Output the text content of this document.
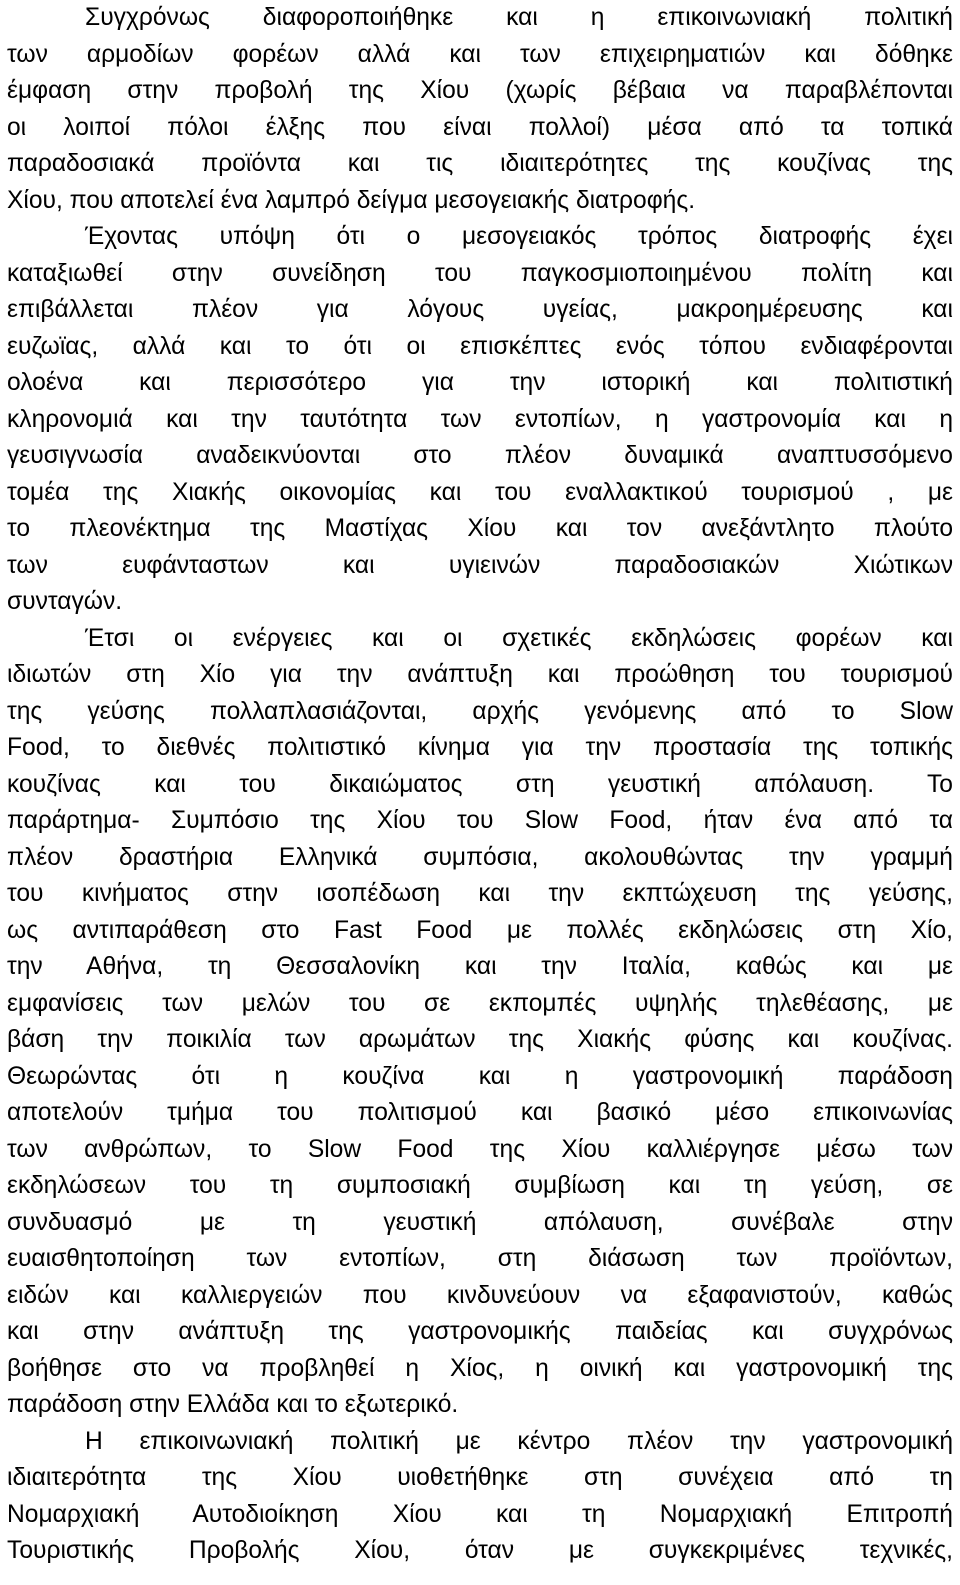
Συγχρόνως διαφοροποιήθηκε και η επικοινωνιακή πολιτική
των αρμοδίων φορέων αλλά και των επιχειρηματιών και δόθηκε
έμφαση στην προβολή της Χίου (χωρίς βέβαια να παραβλέπονται
οι λοιποί πόλοι έλξης που είναι πολλοί) μέσα από τα τοπικά
παραδοσιακά προϊόντα και τις ιδιαιτερότητες της κουζίνας της
Χίου, που αποτελεί ένα λαμπρό δείγμα μεσογειακής διατροφής.
Έχοντας υπόψη ότι ο μεσογειακός τρόπος διατροφής έχει
καταξιωθεί στην συνείδηση του παγκοσμιοποιημένου πολίτη και
επιβάλλεται πλέον για λόγους υγείας, μακροημέρευσης και
ευζωϊας, αλλά και το ότι οι επισκέπτες ενός τόπου ενδιαφέρονται
ολοένα και περισσότερο για την ιστορική και πολιτιστική
κληρονομιά και την ταυτότητα των εντοπίων, η γαστρονομία και η
γευσιγνωσία αναδεικνύονται στο πλέον δυναμικά αναπτυσσόμενο
τομέα της Χιακής οικονομίας και του εναλλακτικού τουρισμού , με
το πλεονέκτημα της Μαστίχας Χίου και τον ανεξάντλητο πλούτο
των ευφάνταστων και υγιεινών παραδοσιακών Χιώτικων
συνταγών.
Έτσι οι ενέργειες και οι σχετικές εκδηλώσεις φορέων και
ιδιωτών στη Χίο για την ανάπτυξη και προώθηση του τουρισμού
της γεύσης πολλαπλασιάζονται, αρχής γενόμενης από το Slow
Food, το διεθνές πολιτιστικό κίνημα για την προστασία της τοπικής
κουζίνας και του δικαιώματος στη γευστική απόλαυση. Το
παράρτημα- Συμπόσιο της Χίου του Slow Food, ήταν ένα από τα
πλέον δραστήρια Ελληνικά συμπόσια, ακολουθώντας την γραμμή
του κινήματος στην ισοπέδωση και την εκπτώχευση της γεύσης,
ως αντιπαράθεση στο Fast Food με πολλές εκδηλώσεις στη Χίο,
την Αθήνα, τη Θεσσαλονίκη και την Ιταλία, καθώς και με
εμφανίσεις των μελών του σε εκπομπές υψηλής τηλεθέασης, με
βάση την ποικιλία των αρωμάτων της Χιακής φύσης και κουζίνας.
Θεωρώντας ότι η κουζίνα και η γαστρονομική παράδοση
αποτελούν τμήμα του πολιτισμού και βασικό μέσο επικοινωνίας
των ανθρώπων, το Slow Food της Χίου καλλιέργησε μέσω των
εκδηλώσεων του τη συμποσιακή συμβίωση και τη γεύση, σε
συνδυασμό με τη γευστική απόλαυση, συνέβαλε στην
ευαισθητοποίηση των εντοπίων, στη διάσωση των προϊόντων,
ειδών και καλλιεργειών που κινδυνεύουν να εξαφανιστούν, καθώς
και στην ανάπτυξη της γαστρονομικής παιδείας και συγχρόνως
βοήθησε στο να προβληθεί η Χίος, η οινική και γαστρονομική της
παράδοση στην Ελλάδα και το εξωτερικό.
Η επικοινωνιακή πολιτική με κέντρο πλέον την γαστρονομική
ιδιαιτερότητα της Χίου υιοθετήθηκε στη συνέχεια από τη
Νομαρχιακή Αυτοδιοίκηση Χίου και τη Νομαρχιακή Επιτροπή
Τουριστικής Προβολής Χίου, όταν με συγκεκριμένες τεχνικές,
